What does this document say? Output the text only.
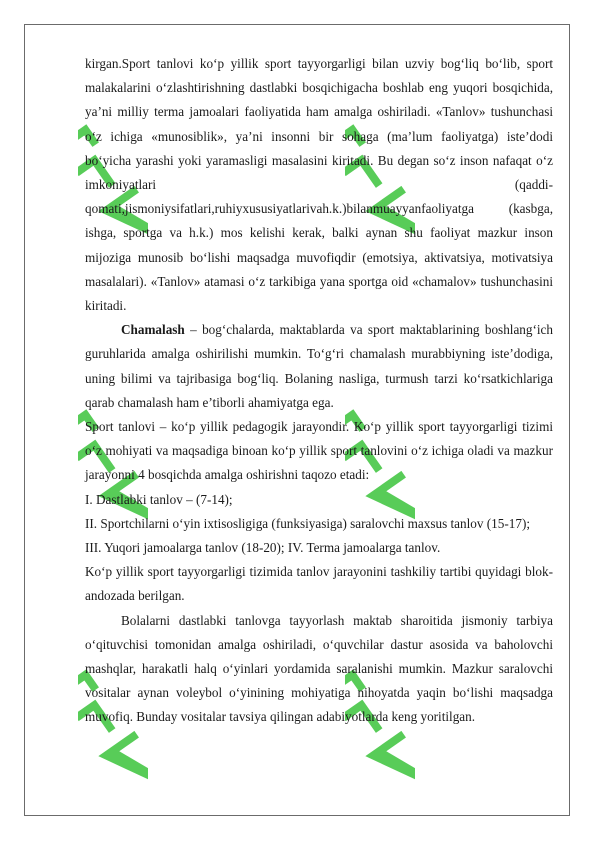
kirgan.Sport tanlovi ko‘p yillik sport tayyorgarligi bilan uzviy bog‘liq bo‘lib, sport malakalarini o‘zlashtirishning dastlabki bosqichigacha boshlab eng yuqori bosqichida, ya’ni milliy terma jamoalari faoliyatida ham amalga oshiriladi. «Tanlov» tushunchasi o‘z ichiga «munosiblik», ya’ni insonni bir sohaga (ma’lum faoliyatga) iste’dodi bo‘yicha yarashi yoki yaramasligi masalasini kiritadi. Bu degan so‘z inson nafaqat o‘z imkoniyatlari (qaddi-qomati,jismoniysifatlari,ruhiyxususiyatlarivah.k.)bilanmuayyanfaoliyatga (kasbga, ishga, sportga va h.k.) mos kelishi kerak, balki aynan shu faoliyat mazkur inson mijoziga munosib bo‘lishi maqsadga muvofiqdir (emotsiya, aktivatsiya, motivatsiya masalalari). «Tanlov» atamasi o‘z tarkibiga yana sportga oid «chamalov» tushunchasini kiritadi.

Chamalash – bog‘chalarda, maktablarda va sport maktablarining boshlang‘ich guruhlarida amalga oshirilishi mumkin. To‘g‘ri chamalash murabbiyning iste’dodiga, uning bilimi va tajribasiga bog‘liq. Bolaning nasliga, turmush tarzi ko‘rsatkichlariga qarab chamalash ham e’tiborli ahamiyatga ega.

Sport tanlovi – ko‘p yillik pedagogik jarayondir. Ko‘p yillik sport tayyorgarligi tizimi o‘z mohiyati va maqsadiga binoan ko‘p yillik sport tanlovini o‘z ichiga oladi va mazkur jarayonni 4 bosqichda amalga oshirishni taqozo etadi:

I. Dastlabki tanlov – (7-14);

II. Sportchilarni o‘yin ixtisosligiga (funksiyasiga) saralovchi maxsus tanlov (15-17);

III. Yuqori jamoalarga tanlov (18-20); IV. Terma jamoalarga tanlov.

Ko‘p yillik sport tayyorgarligi tizimida tanlov jarayonini tashkiliy tartibi quyidagi blok-andozada berilgan.

Bolalarni dastlabki tanlovga tayyorlash maktab sharoitida jismoniy tarbiya o‘qituvchisi tomonidan amalga oshiriladi, o‘quvchilar dastur asosida va baholovchi mashqlar, harakatli halq o‘yinlari yordamida saralanishi mumkin. Mazkur saralovchi vositalar aynan voleybol o‘yinining mohiyatiga nihoyatda yaqin bo‘lishi maqsadga muvofiq. Bunday vositalar tavsiya qilingan adabiyotlarda keng yoritilgan.
